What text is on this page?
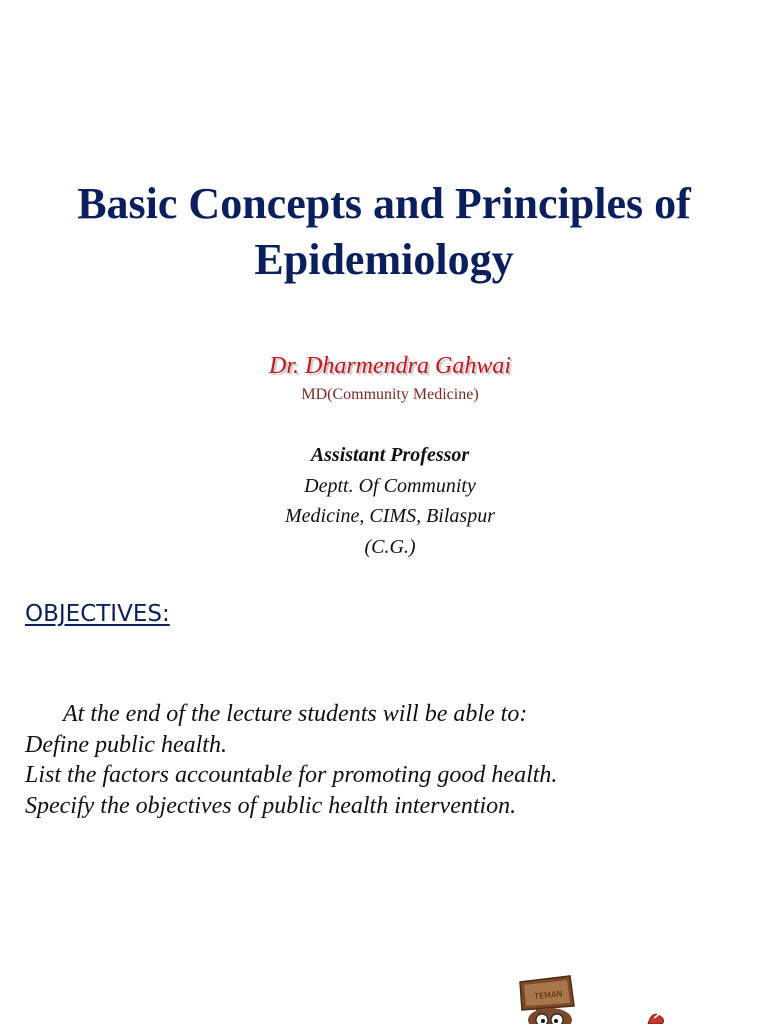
Basic Concepts and Principles of
Epidemiology
Dr. Dharmendra Gahwai
MD(Community Medicine)
Assistant Professor
Deptt. Of Community
Medicine, CIMS, Bilaspur
(C.G.)
OBJECTIVES:
At the end of the lecture students will be able to:
Define public health.
List the factors accountable for promoting good health.
Specify the objectives of public health intervention.
TEMAN
